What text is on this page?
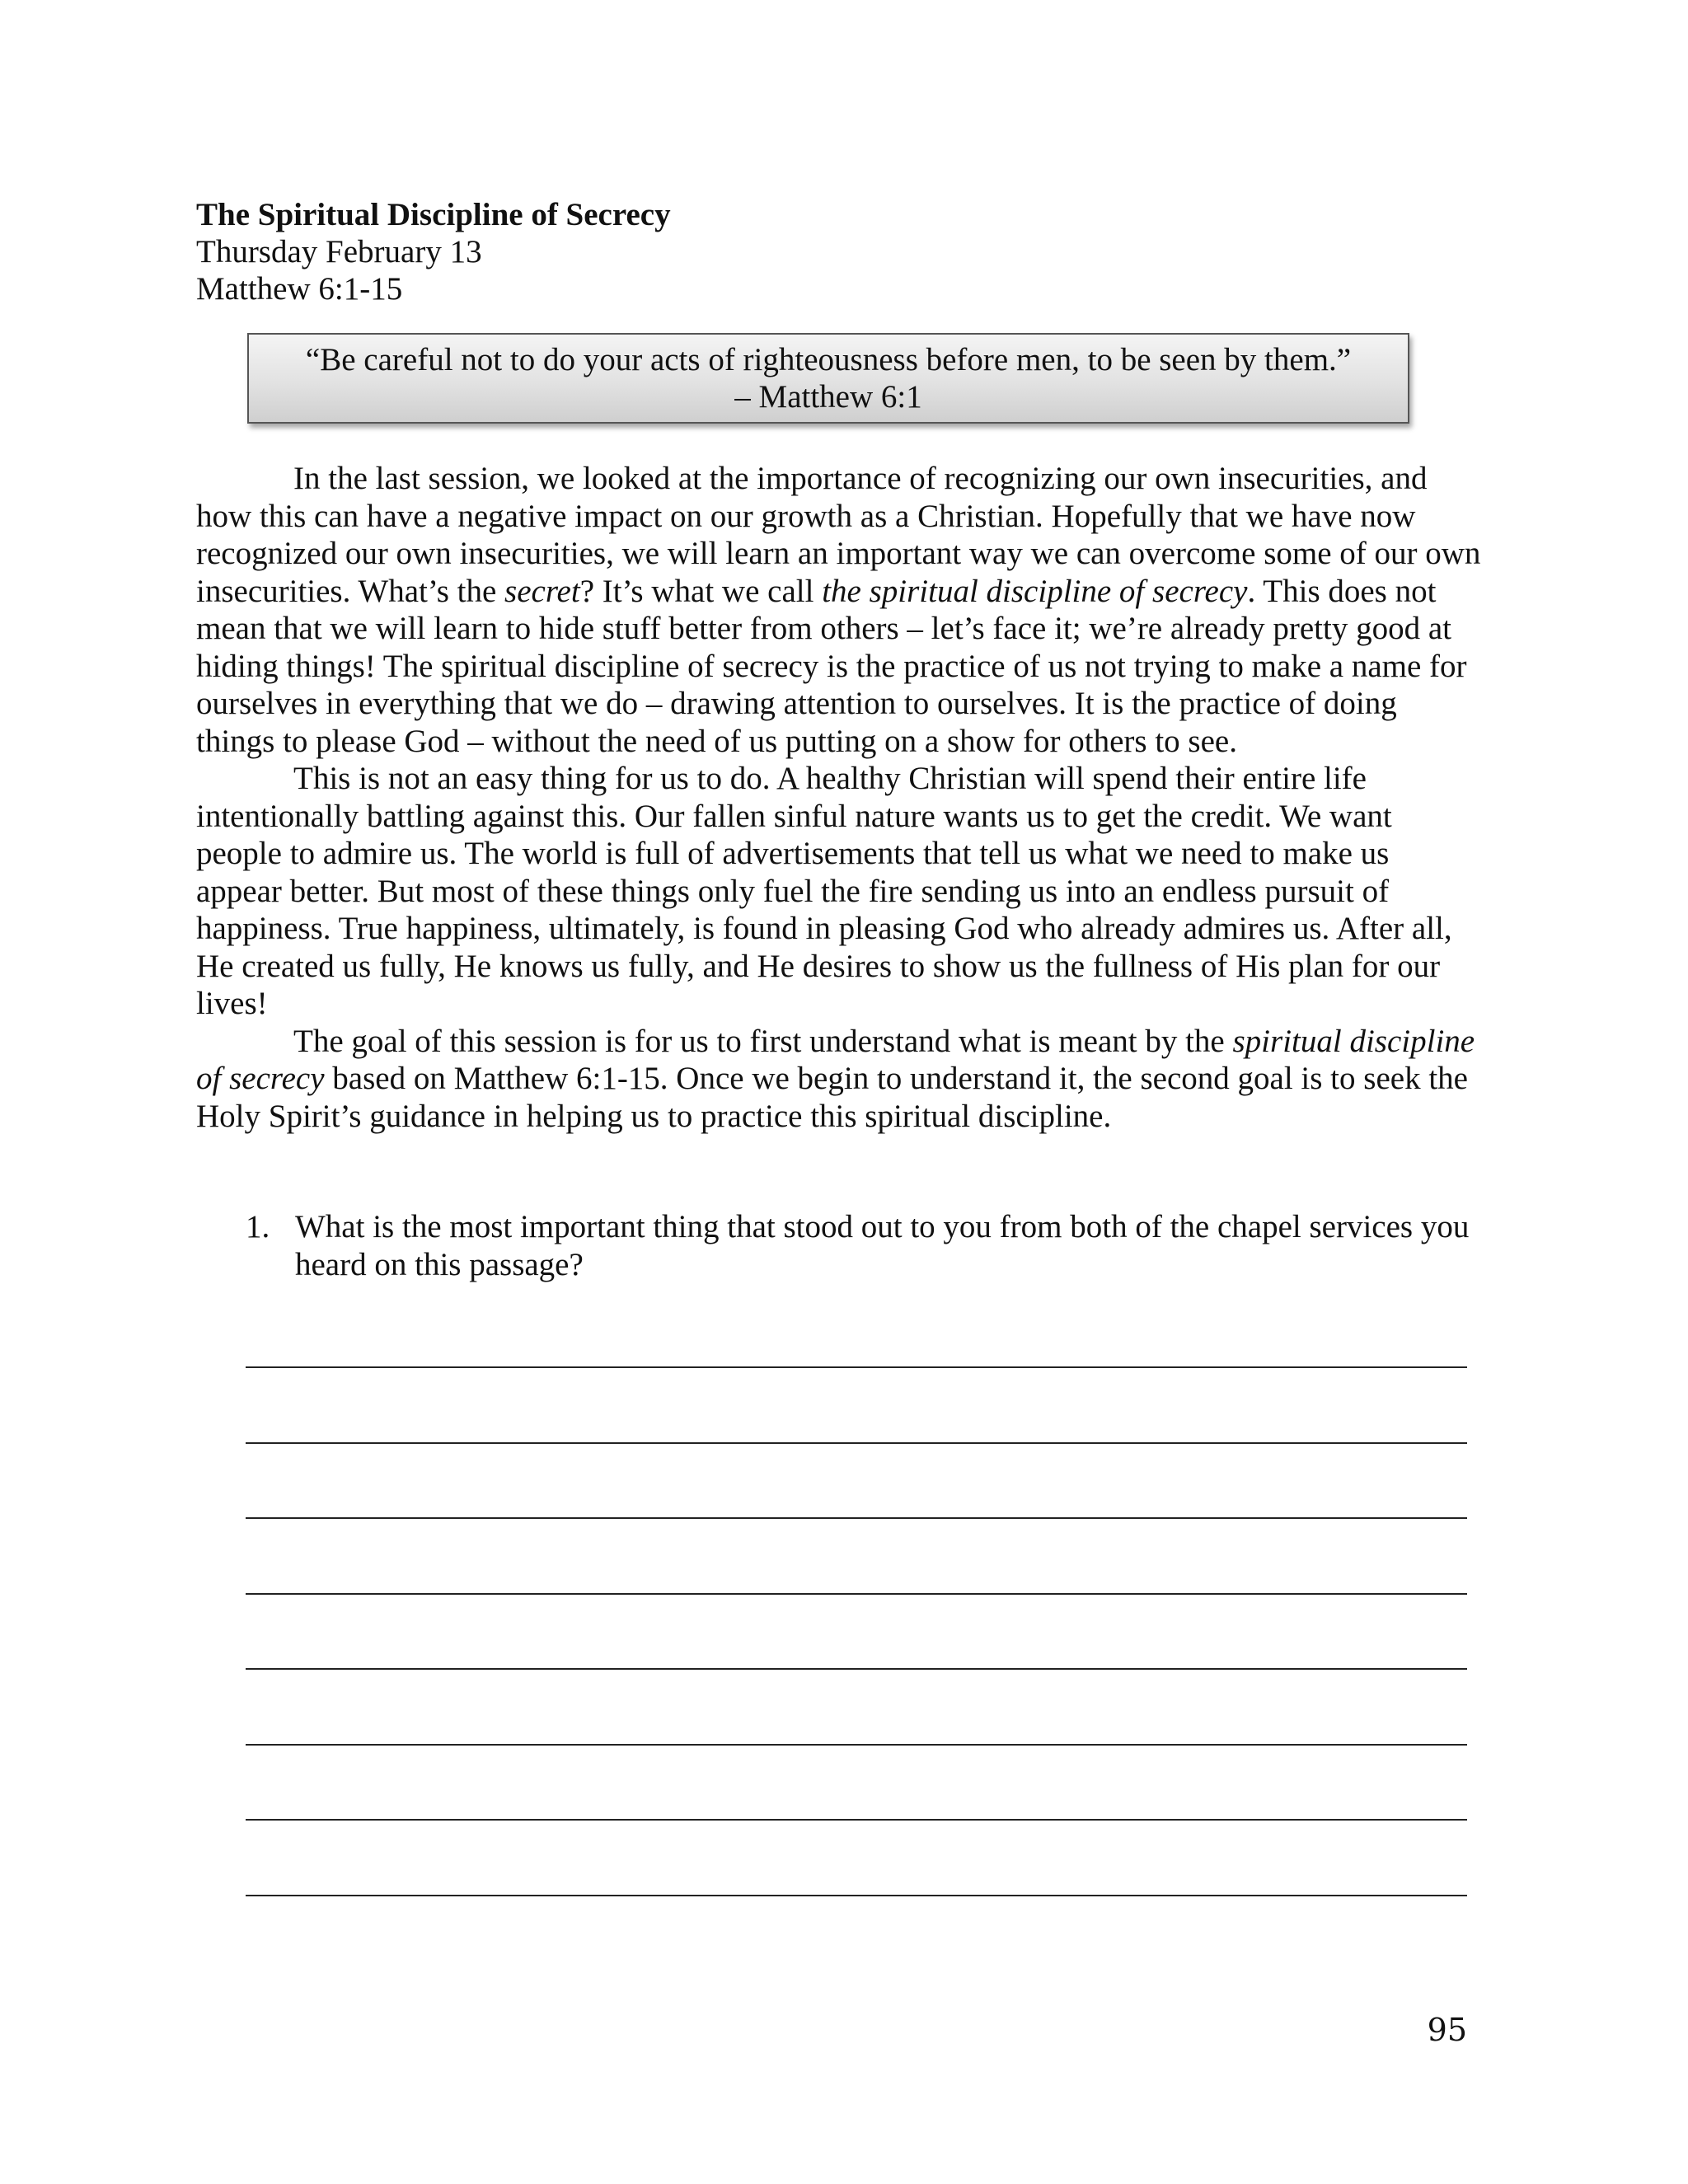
The Spiritual Discipline of Secrecy
Thursday February 13
Matthew 6:1-15
“Be careful not to do your acts of righteousness before men, to be seen by them.”
– Matthew 6:1

In the last session, we looked at the importance of recognizing our own insecurities, and how this can have a negative impact on our growth as a Christian. Hopefully that we have now recognized our own insecurities, we will learn an important way we can overcome some of our own insecurities. What’s the secret? It’s what we call the spiritual discipline of secrecy. This does not mean that we will learn to hide stuff better from others – let’s face it; we’re already pretty good at hiding things! The spiritual discipline of secrecy is the practice of us not trying to make a name for ourselves in everything that we do – drawing attention to ourselves. It is the practice of doing things to please God – without the need of us putting on a show for others to see.

This is not an easy thing for us to do. A healthy Christian will spend their entire life intentionally battling against this. Our fallen sinful nature wants us to get the credit. We want people to admire us. The world is full of advertisements that tell us what we need to make us appear better. But most of these things only fuel the fire sending us into an endless pursuit of happiness. True happiness, ultimately, is found in pleasing God who already admires us. After all, He created us fully, He knows us fully, and He desires to show us the fullness of His plan for our lives!

The goal of this session is for us to first understand what is meant by the spiritual discipline of secrecy based on Matthew 6:1-15. Once we begin to understand it, the second goal is to seek the Holy Spirit’s guidance in helping us to practice this spiritual discipline.

1. What is the most important thing that stood out to you from both of the chapel services you heard on this passage?
95
